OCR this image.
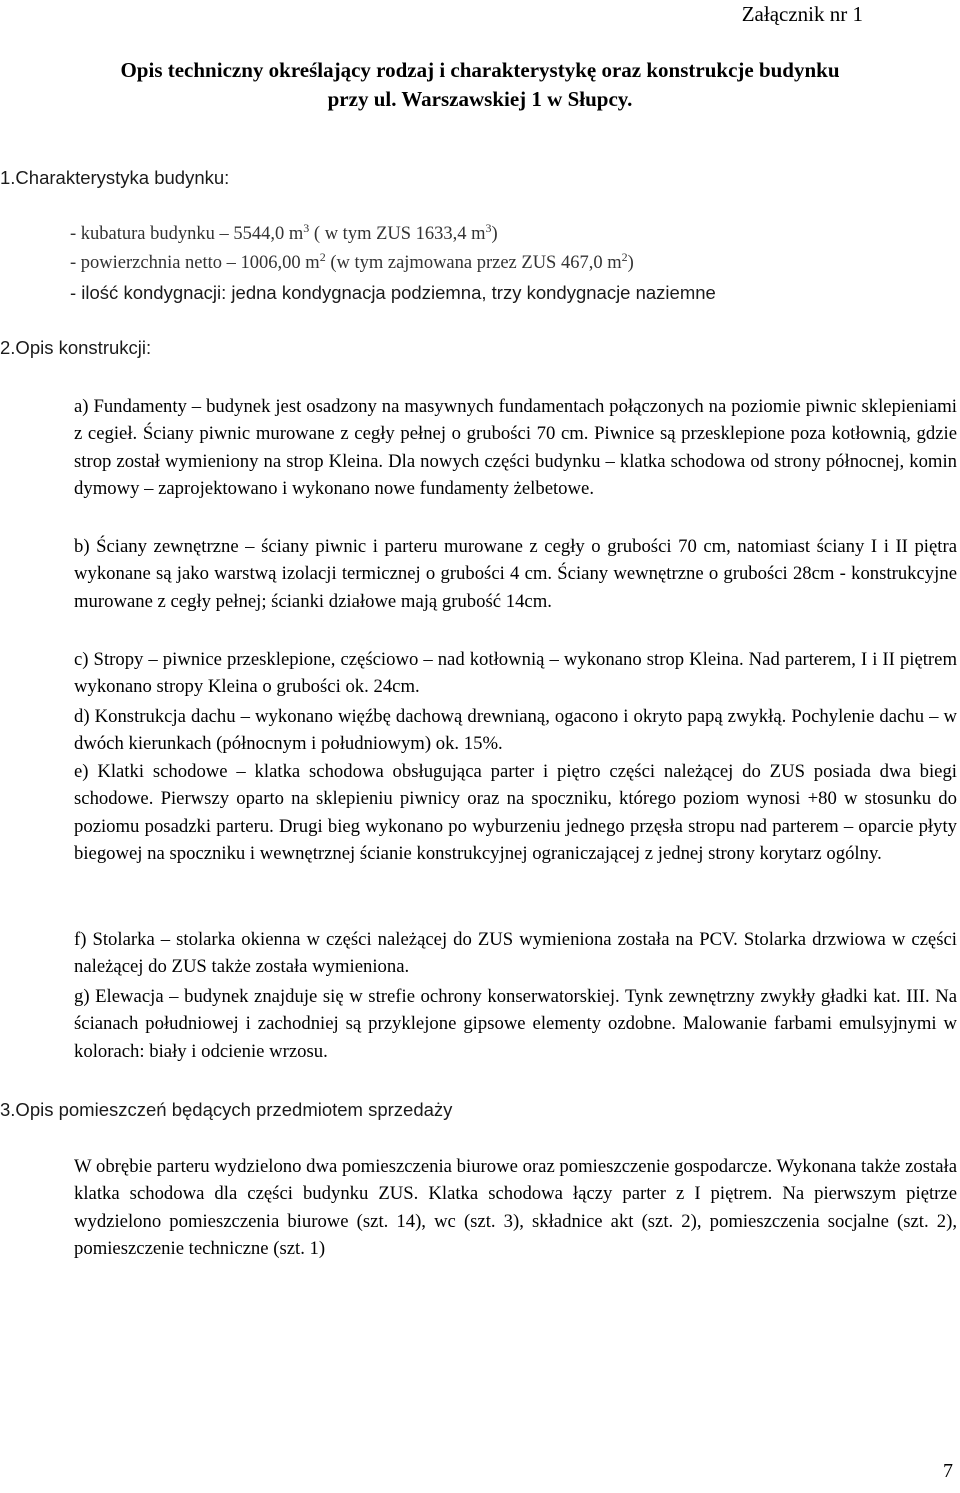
Załącznik nr 1

Opis techniczny określający rodzaj i charakterystykę oraz konstrukcje budynku
przy ul. Warszawskiej 1 w Słupcy.

1.Charakterystyka budynku:

- kubatura budynku – 5544,0 $m^3$ ( w tym ZUS 1633,4 $m^3$)
- powierzchnia netto – 1006,00 $m^2$ (w tym zajmowana przez ZUS 467,0 $m^2$)
- ilość kondygnacji: jedna kondygnacja podziemna, trzy kondygnacje naziemne

2.Opis konstrukcji:

a) Fundamenty – budynek jest osadzony na masywnych fundamentach połączonych na poziomie piwnic sklepieniami z cegieł. Ściany piwnic murowane z cegły pełnej o grubości 70 cm. Piwnice są przesklepione poza kotłownią, gdzie strop został wymieniony na strop Kleina. Dla nowych części budynku – klatka schodowa od strony północnej, komin dymowy – zaprojektowano i wykonano nowe fundamenty żelbetowe.

b) Ściany zewnętrzne – ściany piwnic i parteru murowane z cegły o grubości 70 cm, natomiast ściany I i II piętra wykonane są jako warstwą izolacji termicznej o grubości 4 cm. Ściany wewnętrzne o grubości 28cm - konstrukcyjne murowane z cegły pełnej; ścianki działowe mają grubość 14cm.

c) Stropy – piwnice przesklepione, częściowo – nad kotłownią – wykonano strop Kleina. Nad parterem, I i II piętrem wykonano stropy Kleina o grubości ok. 24cm.

d) Konstrukcja dachu – wykonano więźbę dachową drewnianą, ogacono i okryto papą zwykłą. Pochylenie dachu – w dwóch kierunkach (północnym i południowym) ok. 15%.

e) Klatki schodowe – klatka schodowa obsługująca parter i piętro części należącej do ZUS posiada dwa biegi schodowe. Pierwszy oparto na sklepieniu piwnicy oraz na spoczniku, którego poziom wynosi +80 w stosunku do poziomu posadzki parteru. Drugi bieg wykonano po wyburzeniu jednego przęsła stropu nad parterem – oparcie płyty biegowej na spoczniku i wewnętrznej ścianie konstrukcyjnej ograniczającej z jednej strony korytarz ogólny.

f) Stolarka – stolarka okienna w części należącej do ZUS wymieniona została na PCV. Stolarka drzwiowa w części należącej do ZUS także została wymieniona.

g) Elewacja – budynek znajduje się w strefie ochrony konserwatorskiej. Tynk zewnętrzny zwykły gładki kat. III. Na ścianach południowej i zachodniej są przyklejone gipsowe elementy ozdobne. Malowanie farbami emulsyjnymi w kolorach: biały i odcienie wrzosu.

3.Opis pomieszczeń będących przedmiotem sprzedaży

W obrębie parteru wydzielono dwa pomieszczenia biurowe oraz pomieszczenie gospodarcze. Wykonana także została klatka schodowa dla części budynku ZUS. Klatka schodowa łączy parter z I piętrem. Na pierwszym piętrze wydzielono pomieszczenia biurowe (szt. 14), wc (szt. 3), składnice akt (szt. 2), pomieszczenia socjalne (szt. 2), pomieszczenie techniczne (szt. 1)

7
